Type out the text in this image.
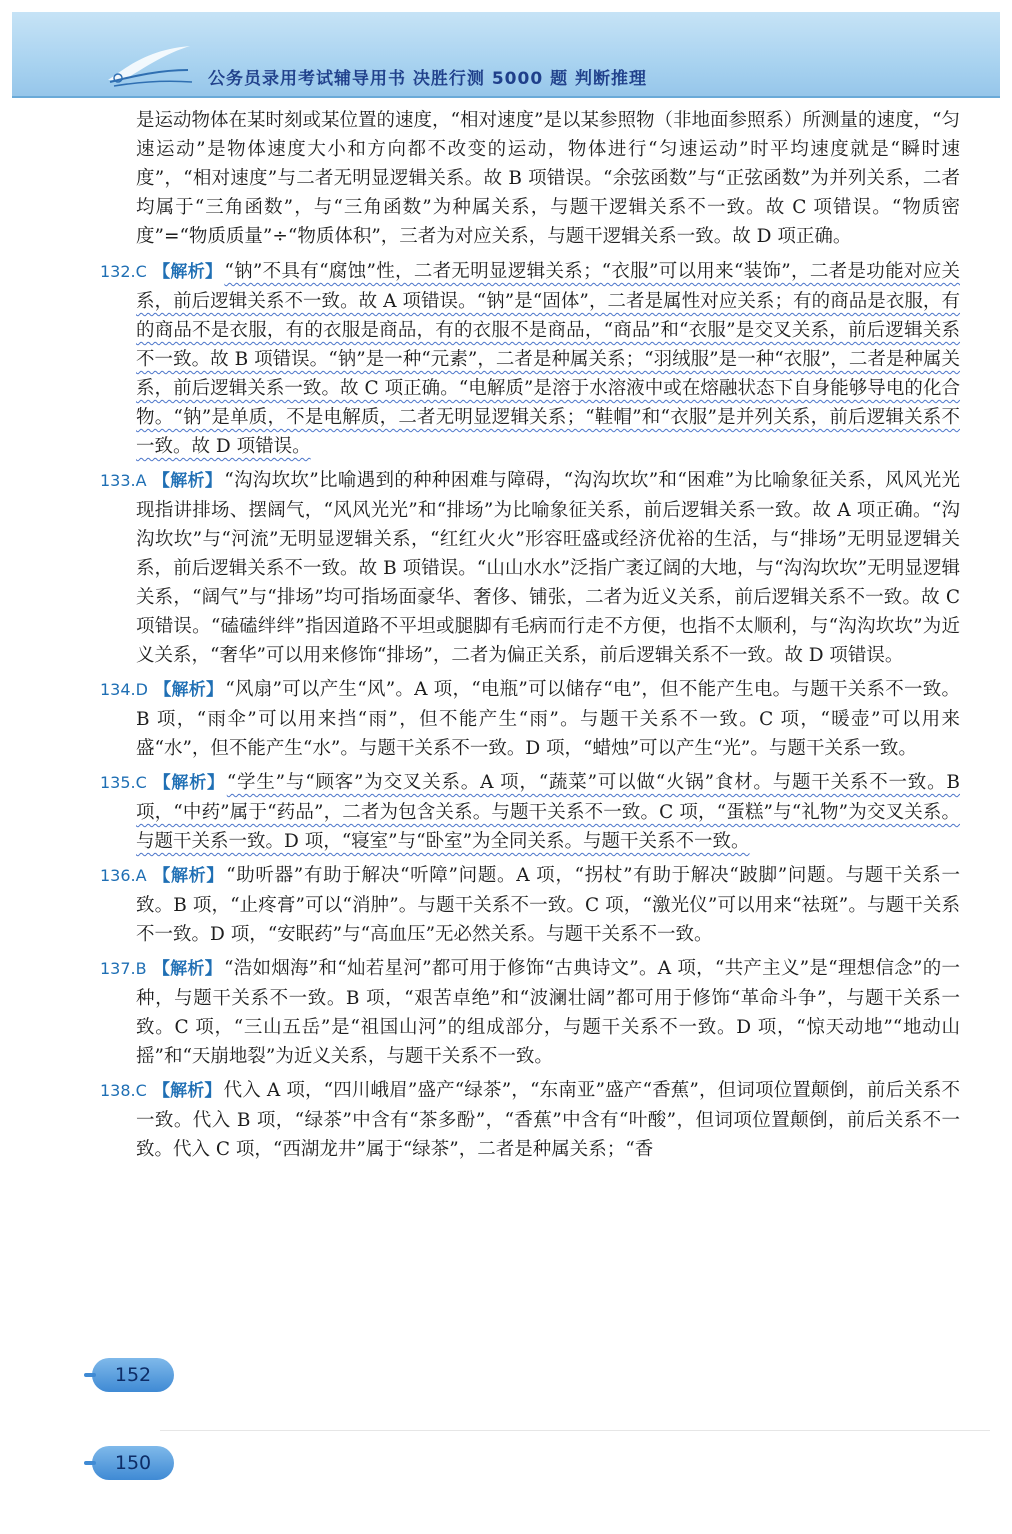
公务员录用考试辅导用书 决胜行测 5000 题 判断推理

是运动物体在某时刻或某位置的速度，“相对速度”是以某参照物（非地面参照系）所测量的速度，“匀速运动”是物体速度大小和方向都不改变的运动，物体进行“匀速运动”时平均速度就是“瞬时速度”，“相对速度”与二者无明显逻辑关系。故 B 项错误。“余弦函数”与“正弦函数”为并列关系，二者均属于“三角函数”，与“三角函数”为种属关系，与题干逻辑关系不一致。故 C 项错误。“物质密度”=“物质质量”÷“物质体积”，三者为对应关系，与题干逻辑关系一致。故 D 项正确。

132.C 【解析】 “钠”不具有“腐蚀”性，二者无明显逻辑关系；“衣服”可以用来“装饰”，二者是功能对应关系，前后逻辑关系不一致。故 A 项错误。“钠”是“固体”，二者是属性对应关系；有的商品是衣服，有的商品不是衣服，有的衣服是商品，有的衣服不是商品，“商品”和“衣服”是交叉关系，前后逻辑关系不一致。故 B 项错误。“钠”是一种“元素”，二者是种属关系；“羽绒服”是一种“衣服”，二者是种属关系，前后逻辑关系一致。故 C 项正确。“电解质”是溶于水溶液中或在熔融状态下自身能够导电的化合物。“钠”是单质，不是电解质，二者无明显逻辑关系；“鞋帽”和“衣服”是并列关系，前后逻辑关系不一致。故 D 项错误。

133.A 【解析】 “沟沟坎坎”比喻遇到的种种困难与障碍，“沟沟坎坎”和“困难”为比喻象征关系，风风光光现指讲排场、摆阔气，“风风光光”和“排场”为比喻象征关系，前后逻辑关系一致。故 A 项正确。“沟沟坎坎”与“河流”无明显逻辑关系，“红红火火”形容旺盛或经济优裕的生活，与“排场”无明显逻辑关系，前后逻辑关系不一致。故 B 项错误。“山山水水”泛指广袤辽阔的大地，与“沟沟坎坎”无明显逻辑关系，“阔气”与“排场”均可指场面豪华、奢侈、铺张，二者为近义关系，前后逻辑关系不一致。故 C 项错误。“磕磕绊绊”指因道路不平坦或腿脚有毛病而行走不方便，也指不太顺利，与“沟沟坎坎”为近义关系，“奢华”可以用来修饰“排场”，二者为偏正关系，前后逻辑关系不一致。故 D 项错误。

134.D 【解析】 “风扇”可以产生“风”。A 项，“电瓶”可以储存“电”，但不能产生电。与题干关系不一致。B 项，“雨伞”可以用来挡“雨”，但不能产生“雨”。与题干关系不一致。C 项，“暖壶”可以用来盛“水”，但不能产生“水”。与题干关系不一致。D 项，“蜡烛”可以产生“光”。与题干关系一致。

135.C 【解析】 “学生”与“顾客”为交叉关系。A 项，“蔬菜”可以做“火锅”食材。与题干关系不一致。B 项，“中药”属于“药品”，二者为包含关系。与题干关系不一致。C 项，“蛋糕”与“礼物”为交叉关系。与题干关系一致。D 项，“寝室”与“卧室”为全同关系。与题干关系不一致。

136.A 【解析】 “助听器”有助于解决“听障”问题。A 项，“拐杖”有助于解决“跛脚”问题。与题干关系一致。B 项，“止疼膏”可以“消肿”。与题干关系不一致。C 项，“激光仪”可以用来“祛斑”。与题干关系不一致。D 项，“安眠药”与“高血压”无必然关系。与题干关系不一致。

137.B 【解析】 “浩如烟海”和“灿若星河”都可用于修饰“古典诗文”。A 项，“共产主义”是“理想信念”的一种，与题干关系不一致。B 项，“艰苦卓绝”和“波澜壮阔”都可用于修饰“革命斗争”，与题干关系一致。C 项，“三山五岳”是“祖国山河”的组成部分，与题干关系不一致。D 项，“惊天动地”“地动山摇”和“天崩地裂”为近义关系，与题干关系不一致。

138.C 【解析】 代入 A 项，“四川峨眉”盛产“绿茶”，“东南亚”盛产“香蕉”，但词项位置颠倒，前后关系不一致。代入 B 项，“绿茶”中含有“茶多酚”，“香蕉”中含有“叶酸”，但词项位置颠倒，前后关系不一致。代入 C 项，“西湖龙井”属于“绿茶”，二者是种属关系；“香

152
150
